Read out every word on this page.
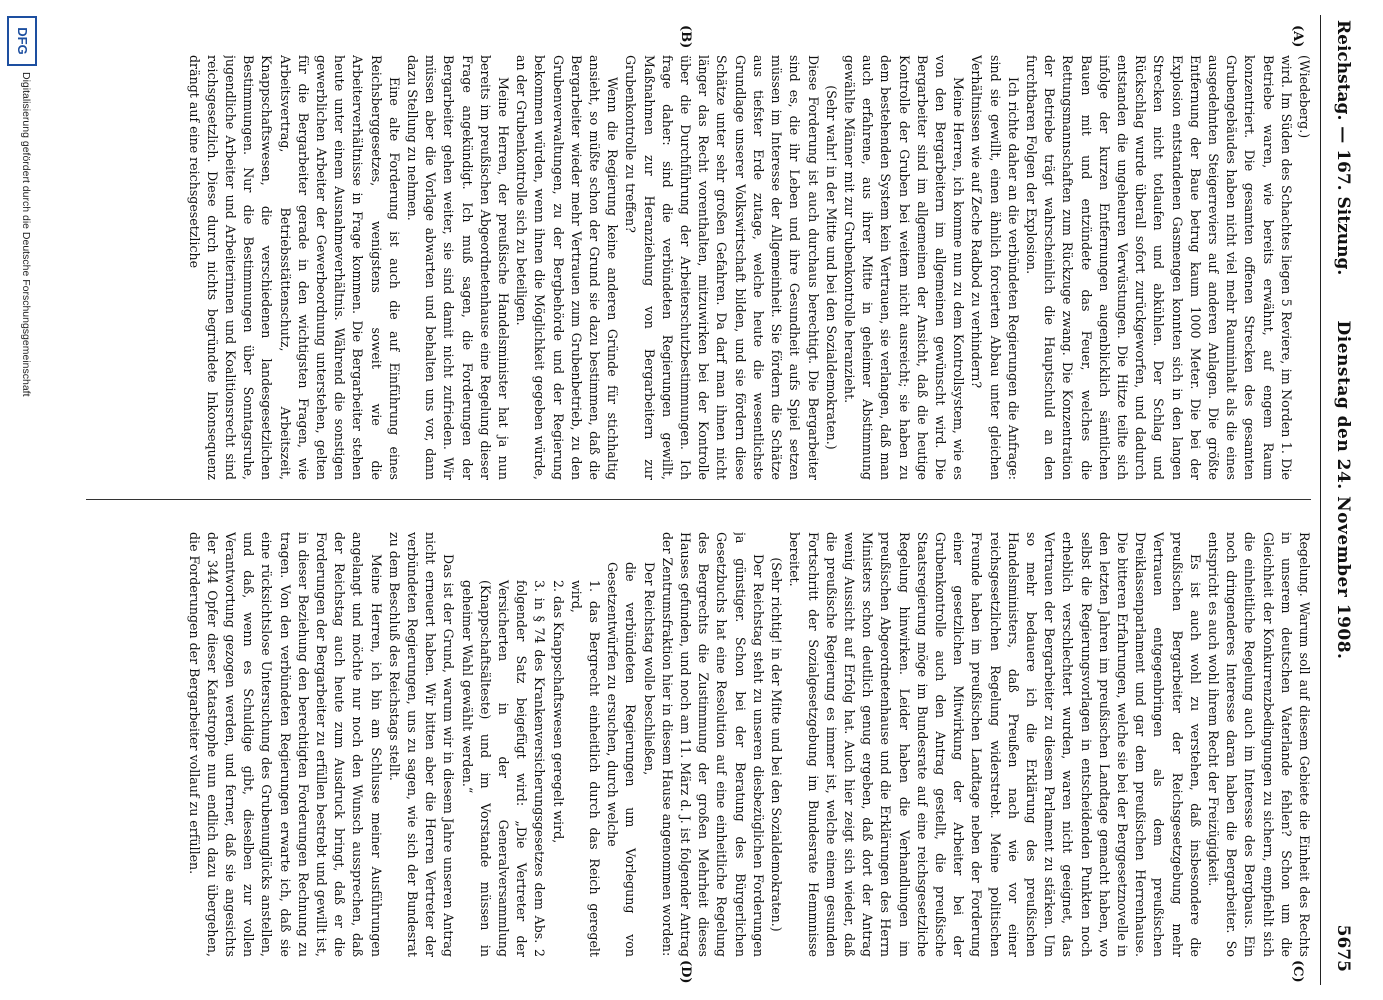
Reichstag. — 167. Sitzung.
Dienstag den 24. November 1908.
5675
(A)
(B)
(C)
(D)

(Wiedeberg.)

wird. Im Süden des Schachtes liegen 5 Reviere, im Norden 1. Die Betriebe waren, wie bereits erwähnt, auf engem Raum konzentriert. Die gesamten offenen Strecken des gesamten Grubengebäudes haben nicht viel mehr Rauminhalt als die eines ausgedehnten Steigerreviers auf anderen Anlagen. Die größte Entfernung der Baue betrug kaum 1000 Meter. Die bei der Explosion entstandenen Gasmengen konnten sich in den langen Strecken nicht totlaufen und abkühlen. Der Schlag und Rückschlag wurde überall sofort zurückgeworfen, und dadurch entstanden die ungeheuren Verwüstungen. Die Hitze teilte sich infolge der kurzen Entfernungen augenblicklich sämtlichen Bauen mit und entzündete das Feuer, welches die Rettungsmannschaften zum Rückzuge zwang. Die Konzentration der Betriebe trägt wahrscheinlich die Hauptschuld an den furchtbaren Folgen der Explosion.

Ich richte daher an die verbündeten Regierungen die Anfrage: sind sie gewillt, einen ähnlich forcierten Abbau unter gleichen Verhältnissen wie auf Zeche Radbod zu verhindern?

Meine Herren, ich komme nun zu dem Kontrollsystem, wie es von den Bergarbeitern im allgemeinen gewünscht wird. Die Bergarbeiter sind im allgemeinen der Ansicht, daß die heutige Kontrolle der Gruben bei weitem nicht ausreicht; sie haben zu dem bestehenden System kein Vertrauen, sie verlangen, daß man auch erfahrene, aus ihrer Mitte in geheimer Abstimmung gewählte Männer mit zur Grubenkontrolle heranzieht.

(Sehr wahr! in der Mitte und bei den Sozialdemokraten.)

Diese Forderung ist auch durchaus berechtigt. Die Bergarbeiter sind es, die ihr Leben und ihre Gesundheit aufs Spiel setzen müssen im Interesse der Allgemeinheit. Sie fördern die Schätze aus tiefster Erde zutage, welche heute die wesentlichste Grundlage unserer Volkswirtschaft bilden, und sie fördern diese Schätze unter sehr großen Gefahren. Da darf man ihnen nicht länger das Recht vorenthalten, mitzuwirken bei der Kontrolle über die Durchführung der Arbeiterschutzbestimmungen. Ich frage daher: sind die verbündeten Regierungen gewillt, Maßnahmen zur Heranziehung von Bergarbeitern zur Grubenkontrolle zu treffen?

Wenn die Regierung keine anderen Gründe für stichhaltig ansieht, so müßte schon der Grund sie dazu bestimmen, daß die Bergarbeiter wieder mehr Vertrauen zum Grubenbetrieb, zu den Grubenverwaltungen, zu der Bergbehörde und der Regierung bekommen würden, wenn ihnen die Möglichkeit gegeben würde, an der Grubenkontrolle sich zu beteiligen.

Meine Herren, der preußische Handelsminister hat ja nun bereits im preußischen Abgeordnetenhause eine Regelung dieser Frage angekündigt. Ich muß sagen, die Forderungen der Bergarbeiter gehen weiter, sie sind damit nicht zufrieden. Wir müssen aber die Vorlage abwarten und behalten uns vor, dann dazu Stellung zu nehmen.

Eine alte Forderung ist auch die auf Einführung eines Reichsberggesetzes, wenigstens soweit wie die Arbeiterverhältnisse in Frage kommen. Die Bergarbeiter stehen heute unter einem Ausnahmeverhältnis. Während die sonstigen gewerblichen Arbeiter der Gewerbeordnung unterstehen, gelten für die Bergarbeiter gerade in den wichtigsten Fragen, wie Arbeitsvertrag, Betriebsstättenschutz, Arbeitszeit, Knappschaftswesen, die verschiedenen landesgesetzlichen Bestimmungen. Nur die Bestimmungen über Sonntagsruhe, jugendliche Arbeiter und Arbeiterinnen und Koalitionsrecht sind reichsgesetzlich. Diese durch nichts begründete Inkonsequenz drängt auf eine reichsgesetzliche

Regelung. Warum soll auf diesem Gebiete die Einheit des Rechts in unserem deutschen Vaterlande fehlen? Schon um die Gleichheit der Konkurrenzbedingungen zu sichern, empfiehlt sich die einheitliche Regelung auch im Interesse des Bergbaus. Ein noch dringenderes Interesse daran haben die Bergarbeiter. So entspricht es auch wohl ihrem Recht der Freizügigkeit.

Es ist auch wohl zu verstehen, daß insbesondere die preußischen Bergarbeiter der Reichsgesetzgebung mehr Vertrauen entgegenbringen als dem preußischen Dreiklassenparlament und gar dem preußischen Herrenhause. Die bitteren Erfahrungen, welche sie bei der Berggesetznovelle in den letzten Jahren im preußischen Landtage gemacht haben, wo selbst die Regierungsvorlagen in entscheidenden Punkten noch erheblich verschlechtert wurden, waren nicht geeignet, das Vertrauen der Bergarbeiter zu diesem Parlament zu stärken. Um so mehr bedauere ich die Erklärung des preußischen Handelsministers, daß Preußen nach wie vor einer reichsgesetzlichen Regelung widerstrebt. Meine politischen Freunde haben im preußischen Landtage neben der Forderung einer gesetzlichen Mitwirkung der Arbeiter bei der Grubenkontrolle auch den Antrag gestellt, die preußische Staatsregierung möge im Bundesrate auf eine reichsgesetzliche Regelung hinwirken. Leider haben die Verhandlungen im preußischen Abgeordnetenhause und die Erklärungen des Herrn Ministers schon deutlich genug ergeben, daß dort der Antrag wenig Aussicht auf Erfolg hat. Auch hier zeigt sich wieder, daß die preußische Regierung es immer ist, welche einem gesunden Fortschritt der Sozialgesetzgebung im Bundesrate Hemmnisse bereitet.

(Sehr richtig! in der Mitte und bei den Sozialdemokraten.)

Der Reichstag steht zu unseren diesbezüglichen Forderungen ja günstiger. Schon bei der Beratung des Bürgerlichen Gesetzbuchs hat eine Resolution auf eine einheitliche Regelung des Bergrechts die Zustimmung der großen Mehrheit dieses Hauses gefunden, und noch am 11. März d. J. ist folgender Antrag der Zentrumsfraktion hier in diesem Hause angenommen worden:

Der Reichstag wolle beschließen,

die verbündeten Regierungen um Vorlegung von Gesetzentwürfen zu ersuchen, durch welche

1. das Bergrecht einheitlich durch das Reich geregelt wird,

2. das Knappschaftswesen geregelt wird,

3. in § 74 des Krankenversicherungsgesetzes dem Abs. 2 folgender Satz beigefügt wird: „Die Vertreter der Versicherten in der Generalversammlung (Knappschaftsälteste) und im Vorstande müssen in geheimer Wahl gewählt werden.“

Das ist der Grund, warum wir in diesem Jahre unseren Antrag nicht erneuert haben. Wir bitten aber die Herren Vertreter der verbündeten Regierungen, uns zu sagen, wie sich der Bundesrat zu dem Beschluß des Reichstags stellt.

Meine Herren, ich bin am Schlusse meiner Ausführungen angelangt und möchte nur noch den Wunsch aussprechen, daß der Reichstag auch heute zum Ausdruck bringt, daß er die Forderungen der Bergarbeiter zu erfüllen bestrebt und gewillt ist, in dieser Beziehung den berechtigten Forderungen Rechnung zu tragen. Von den verbündeten Regierungen erwarte ich, daß sie eine rücksichtslose Untersuchung des Grubenunglücks anstellen, und daß, wenn es Schuldige gibt, dieselben zur vollen Verantwortung gezogen werden, und ferner, daß sie angesichts der 344 Opfer dieser Katastrophe nun endlich dazu übergehen, die Forderungen der Bergarbeiter vollauf zu erfüllen.

DFG
Digitalisierung gefördert durch die Deutsche Forschungsgemeinschaft
